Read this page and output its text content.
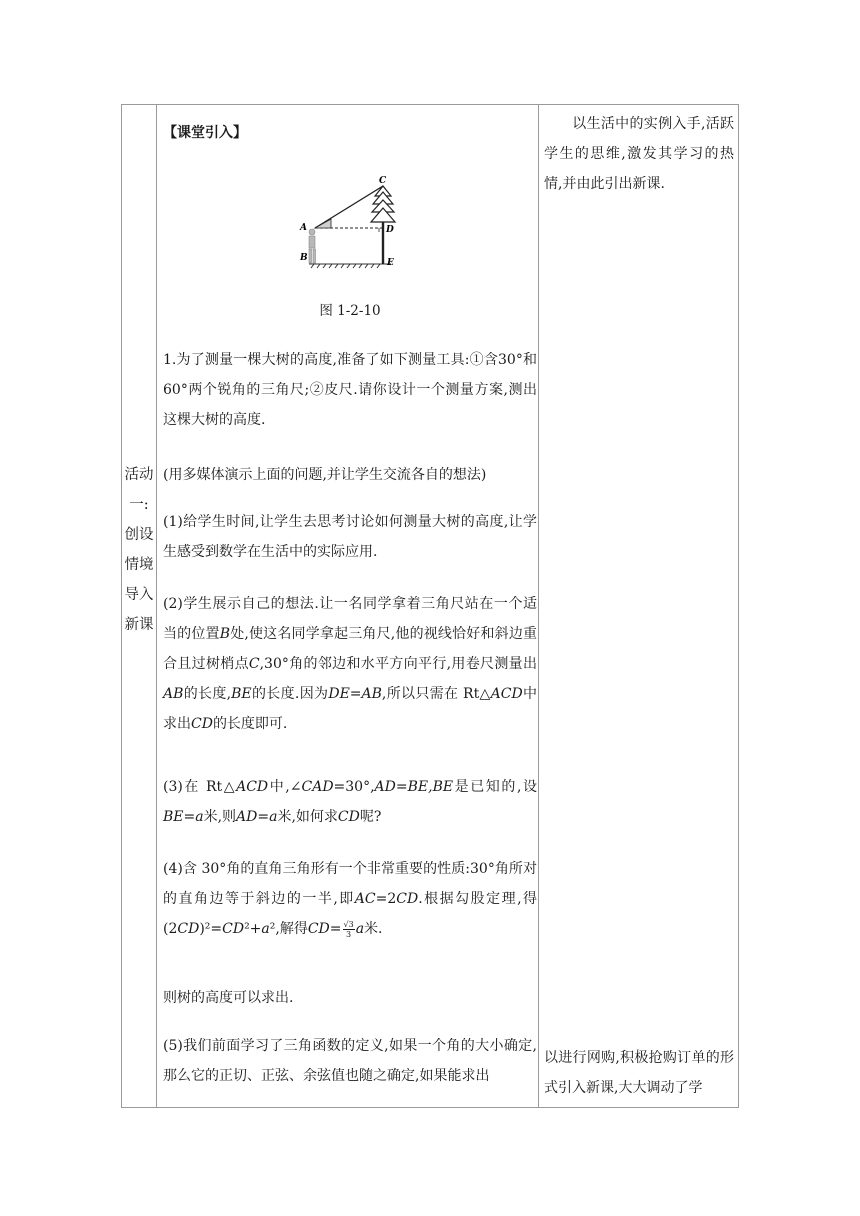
活动
一:
创设
情境
导入
新课
【课堂引入】
C
A	D
B	E
图 1-2-10
1.为了测量一棵大树的高度,准备了如下测量工具:①含30°和60°两个锐角的三角尺;②皮尺.请你设计一个测量方案,测出这棵大树的高度.
(用多媒体演示上面的问题,并让学生交流各自的想法)
(1)给学生时间,让学生去思考讨论如何测量大树的高度,让学生感受到数学在生活中的实际应用.
(2)学生展示自己的想法.让一名同学拿着三角尺站在一个适当的位置B处,使这名同学拿起三角尺,他的视线恰好和斜边重合且过树梢点C,30°角的邻边和水平方向平行,用卷尺测量出AB的长度,BE的长度.因为DE=AB,所以只需在 Rt△ACD中求出CD的长度即可.
(3)在 Rt△ACD中,∠CAD=30°,AD=BE,BE是已知的,设BE=a米,则AD=a米,如何求CD呢?
(4)含 30°角的直角三角形有一个非常重要的性质:30°角所对的直角边等于斜边的一半,即AC=2CD.根据勾股定理,得(2CD)²=CD²+a²,解得$CD= \frac{√3}{3}$ a米.
则树的高度可以求出.
(5)我们前面学习了三角函数的定义,如果一个角的大小确定,那么它的正切、正弦、余弦值也随之确定,如果能求出
以生活中的实例入手,活跃学生的思维,激发其学习的热情,并由此引出新课.
以进行网购,积极抢购订单的形式引入新课,大大调动了学
